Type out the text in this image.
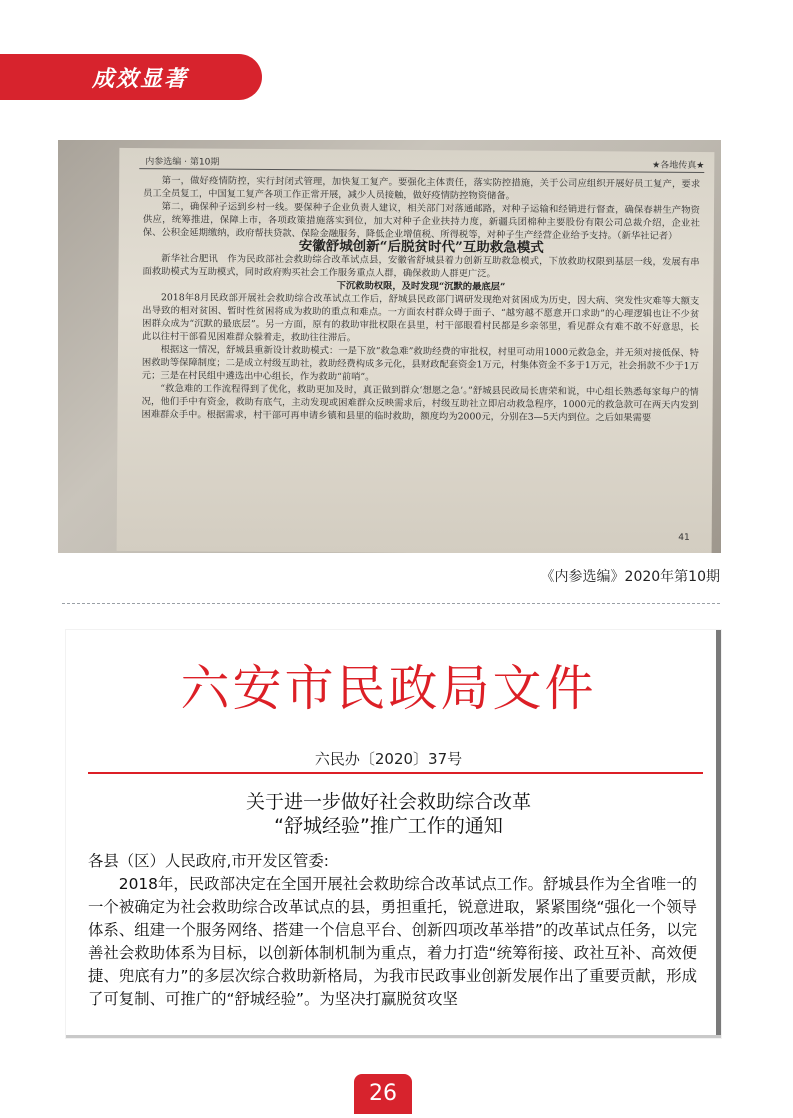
成效显著
内参选编 · 第10期	★各地传真★

第一，做好疫情防控，实行封闭式管理，加快复工复产。要强化主体责任，落实防控措施，关于公司应组织开展好员工复产，要求员工全员复工，中国复工复产各项工作正常开展，减少人员接触，做好疫情防控物资储备。

第二，确保种子运到乡村一线。要保种子企业负责人建议，相关部门对落通邮路，对种子运输和经销进行督查，确保春耕生产物资供应，统筹推进，保障上市，各项政策措施落实到位，加大对种子企业扶持力度，新疆兵团棉种主要股份有限公司总裁介绍，企业社保、公积金延期缴纳，政府帮扶贷款、保险金融服务，降低企业增值税、所得税等，对种子生产经营企业给予支持。（新华社记者）

安徽舒城创新“后脱贫时代”互助救急模式

新华社合肥讯　作为民政部社会救助综合改革试点县，安徽省舒城县着力创新互助救急模式，下放救助权限到基层一线，发展有串面救助模式为互助模式，同时政府购买社会工作服务重点人群，确保救助人群更广泛。

下沉救助权限，及时发现“沉默的最底层”

2018年8月民政部开展社会救助综合改革试点工作后，舒城县民政部门调研发现绝对贫困成为历史，因大病、突发性灾难等大额支出导致的相对贫困、暂时性贫困将成为救助的重点和难点。一方面农村群众碍于面子、“越穷越不愿意开口求助”的心理逻辑也让不少贫困群众成为“沉默的最底层”。另一方面，原有的救助审批权限在县里，村干部眼看村民都是乡亲邻里，看见群众有难不敢不好意思，长此以往村干部看见困难群众躲着走，救助往往滞后。

根据这一情况，舒城县重新设计救助模式：一是下放“救急难”救助经费的审批权，村里可动用1000元救急金，并无须对接低保、特困救助等保障制度；二是成立村级互助社，救助经费构成多元化，县财政配套资金1万元，村集体资金不多于1万元，社会捐款不少于1万元；三是在村民组中遴选出中心组长，作为救助“前哨”。

“救急难的工作流程得到了优化，救助更加及时，真正做到群众‘想愿之急’。”舒城县民政局长唐荣和说，中心组长熟悉每家每户的情况，他们手中有资金，救助有底气，主动发现或困难群众反映需求后，村级互助社立即启动救急程序，1000元的救急款可在两天内发到困难群众手中。根据需求，村干部可再申请乡镇和县里的临时救助，额度均为2000元，分别在3—5天内到位。之后如果需要

41
《内参选编》2020年第10期
六安市民政局文件
六民办〔2020〕37号
关于进一步做好社会救助综合改革
“舒城经验”推广工作的通知

各县（区）人民政府,市开发区管委:

2018年，民政部决定在全国开展社会救助综合改革试点工作。舒城县作为全省唯一的一个被确定为社会救助综合改革试点的县，勇担重托，锐意进取，紧紧围绕“强化一个领导体系、组建一个服务网络、搭建一个信息平台、创新四项改革举措”的改革试点任务，以完善社会救助体系为目标，以创新体制机制为重点，着力打造“统筹衔接、政社互补、高效便捷、兜底有力”的多层次综合救助新格局，为我市民政事业创新发展作出了重要贡献，形成了可复制、可推广的“舒城经验”。为坚决打赢脱贫攻坚

26
